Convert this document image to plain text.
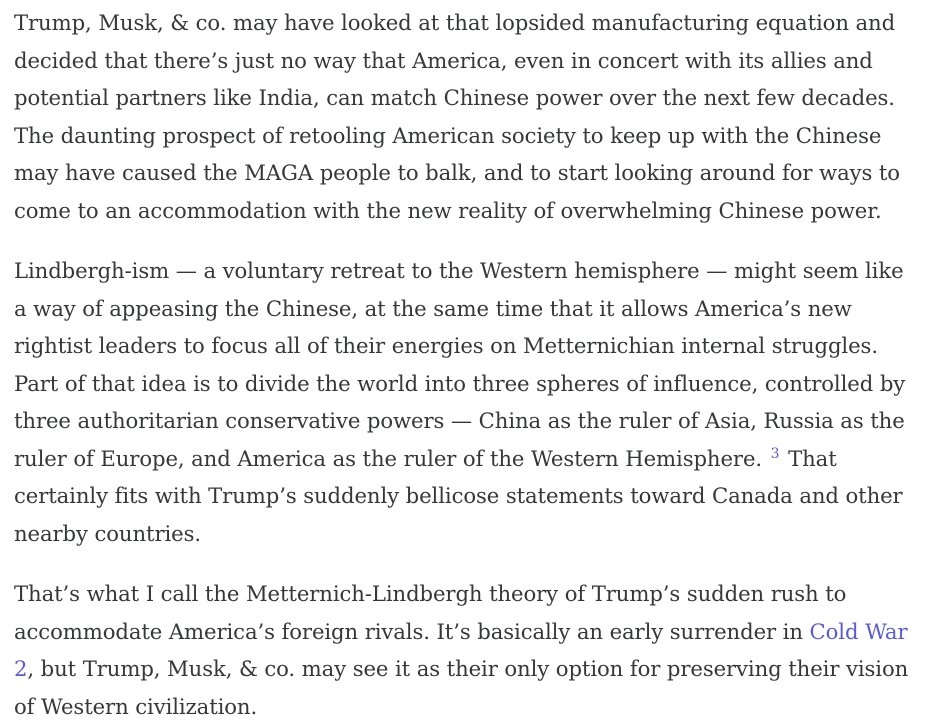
Trump, Musk, & co. may have looked at that lopsided manufacturing equation and decided that there’s just no way that America, even in concert with its allies and potential partners like India, can match Chinese power over the next few decades. The daunting prospect of retooling American society to keep up with the Chinese may have caused the MAGA people to balk, and to start looking around for ways to come to an accommodation with the new reality of overwhelming Chinese power.

Lindbergh-ism — a voluntary retreat to the Western hemisphere — might seem like a way of appeasing the Chinese, at the same time that it allows America’s new rightist leaders to focus all of their energies on Metternichian internal struggles. Part of that idea is to divide the world into three spheres of influence, controlled by three authoritarian conservative powers — China as the ruler of Asia, Russia as the ruler of Europe, and America as the ruler of the Western Hemisphere. $^3$ That certainly fits with Trump’s suddenly bellicose statements toward Canada and other nearby countries.

That’s what I call the Metternich-Lindbergh theory of Trump’s sudden rush to accommodate America’s foreign rivals. It’s basically an early surrender in Cold War 2, but Trump, Musk, & co. may see it as their only option for preserving their vision of Western civilization.
